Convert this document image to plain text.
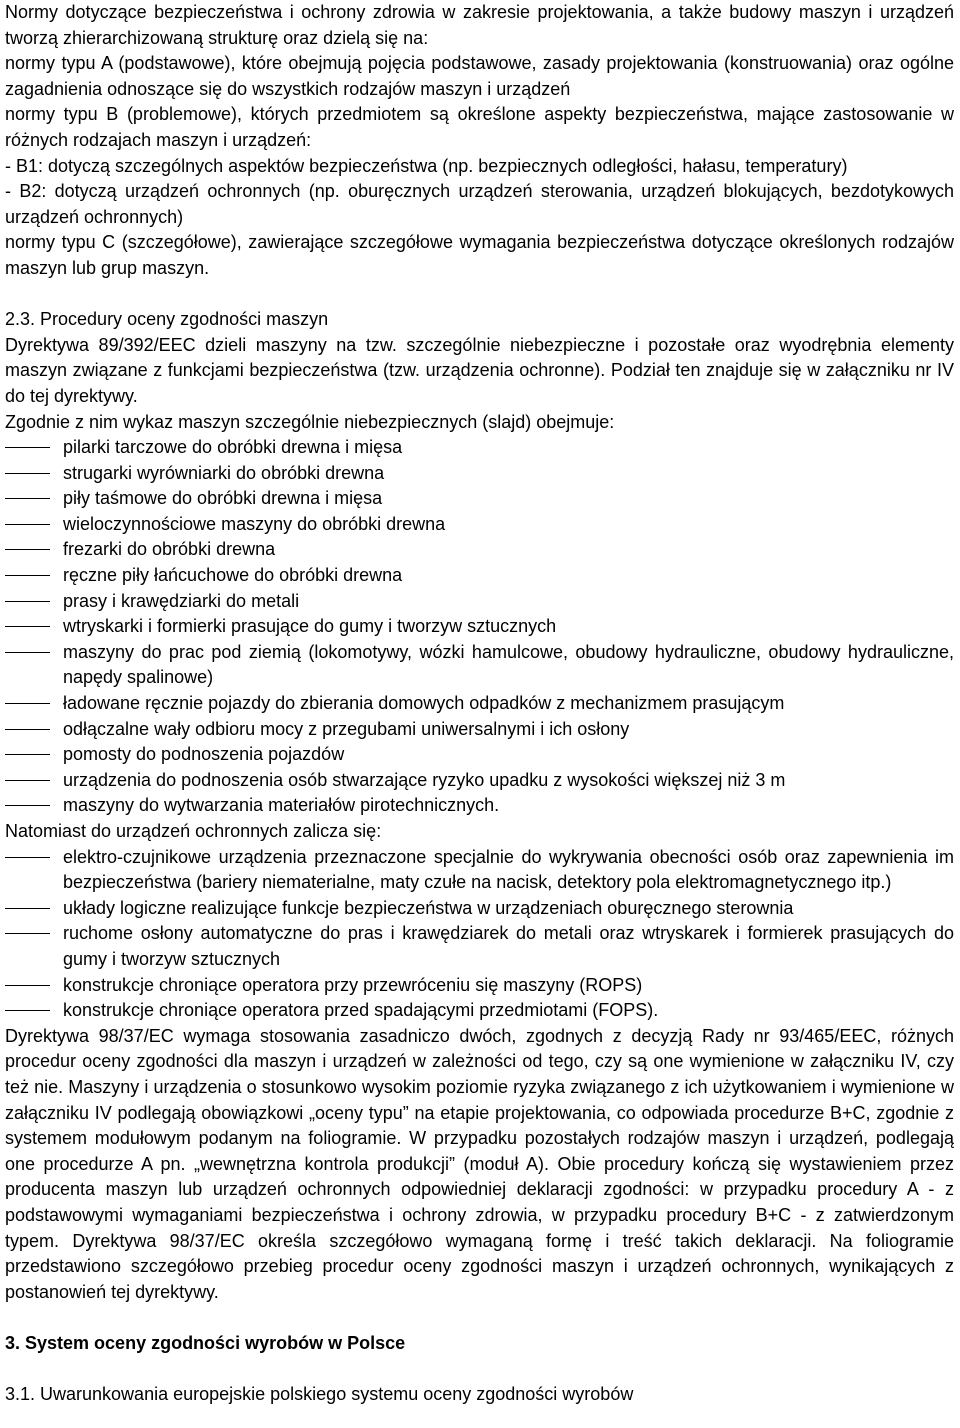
Normy dotyczące bezpieczeństwa i ochrony zdrowia w zakresie projektowania, a także budowy maszyn i urządzeń tworzą zhierarchizowaną strukturę oraz dzielą się na:

normy typu A (podstawowe), które obejmują pojęcia podstawowe, zasady projektowania (konstruowania) oraz ogólne zagadnienia odnoszące się do wszystkich rodzajów maszyn i urządzeń

normy typu B (problemowe), których przedmiotem są określone aspekty bezpieczeństwa, mające zastosowanie w różnych rodzajach maszyn i urządzeń:

- B1: dotyczą szczególnych aspektów bezpieczeństwa (np. bezpiecznych odległości, hałasu, temperatury)

- B2: dotyczą urządzeń ochronnych (np. oburęcznych urządzeń sterowania, urządzeń blokujących, bezdotykowych urządzeń ochronnych)

normy typu C (szczegółowe), zawierające szczegółowe wymagania bezpieczeństwa dotyczące określonych rodzajów maszyn lub grup maszyn.

2.3. Procedury oceny zgodności maszyn

Dyrektywa 89/392/EEC dzieli maszyny na tzw. szczególnie niebezpieczne i pozostałe oraz wyodrębnia elementy maszyn związane z funkcjami bezpieczeństwa (tzw. urządzenia ochronne). Podział ten znajduje się w załączniku nr IV do tej dyrektywy.

Zgodnie z nim wykaz maszyn szczególnie niebezpiecznych (slajd) obejmuje:

pilarki tarczowe do obróbki drewna i mięsa
strugarki wyrówniarki do obróbki drewna
piły taśmowe do obróbki drewna i mięsa
wieloczynnościowe maszyny do obróbki drewna
frezarki do obróbki drewna
ręczne piły łańcuchowe do obróbki drewna
prasy i krawędziarki do metali
wtryskarki i formierki prasujące do gumy i tworzyw sztucznych
maszyny do prac pod ziemią (lokomotywy, wózki hamulcowe, obudowy hydrauliczne, obudowy hydrauliczne, napędy spalinowe)
ładowane ręcznie pojazdy do zbierania domowych odpadków z mechanizmem prasującym
odłączalne wały odbioru mocy z przegubami uniwersalnymi i ich osłony
pomosty do podnoszenia pojazdów
urządzenia do podnoszenia osób stwarzające ryzyko upadku z wysokości większej niż 3 m
maszyny do wytwarzania materiałów pirotechnicznych.

Natomiast do urządzeń ochronnych zalicza się:

elektro-czujnikowe urządzenia przeznaczone specjalnie do wykrywania obecności osób oraz zapewnienia im bezpieczeństwa (bariery niematerialne, maty czułe na nacisk, detektory pola elektromagnetycznego itp.)
układy logiczne realizujące funkcje bezpieczeństwa w urządzeniach oburęcznego sterownia
ruchome osłony automatyczne do pras i krawędziarek do metali oraz wtryskarek i formierek prasujących do gumy i tworzyw sztucznych
konstrukcje chroniące operatora przy przewróceniu się maszyny (ROPS)
konstrukcje chroniące operatora przed spadającymi przedmiotami (FOPS).

Dyrektywa 98/37/EC wymaga stosowania zasadniczo dwóch, zgodnych z decyzją Rady nr 93/465/EEC, różnych procedur oceny zgodności dla maszyn i urządzeń w zależności od tego, czy są one wymienione w załączniku IV, czy też nie. Maszyny i urządzenia o stosunkowo wysokim poziomie ryzyka związanego z ich użytkowaniem i wymienione w załączniku IV podlegają obowiązkowi „oceny typu” na etapie projektowania, co odpowiada procedurze B+C, zgodnie z systemem modułowym podanym na foliogramie. W przypadku pozostałych rodzajów maszyn i urządzeń, podlegają one procedurze A pn. „wewnętrzna kontrola produkcji” (moduł A). Obie procedury kończą się wystawieniem przez producenta maszyn lub urządzeń ochronnych odpowiedniej deklaracji zgodności: w przypadku procedury A - z podstawowymi wymaganiami bezpieczeństwa i ochrony zdrowia, w przypadku procedury B+C - z zatwierdzonym typem. Dyrektywa 98/37/EC określa szczegółowo wymaganą formę i treść takich deklaracji. Na foliogramie przedstawiono szczegółowo przebieg procedur oceny zgodności maszyn i urządzeń ochronnych, wynikających z postanowień tej dyrektywy.

3. System oceny zgodności wyrobów w Polsce

3.1. Uwarunkowania europejskie polskiego systemu oceny zgodności wyrobów
